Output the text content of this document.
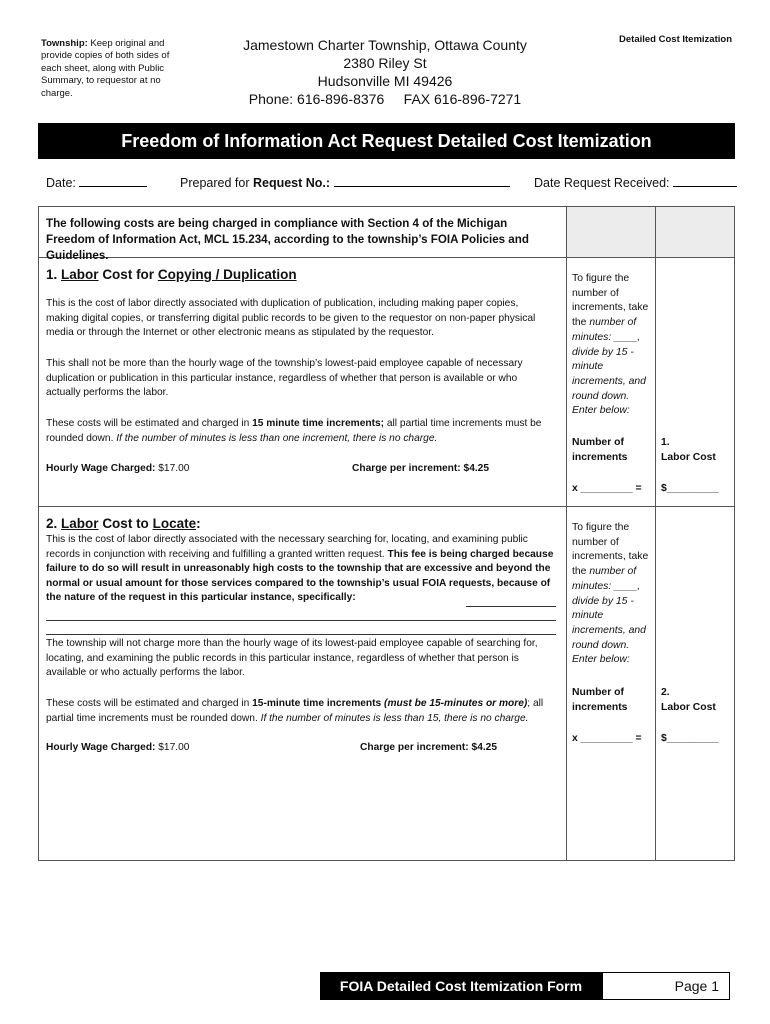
Township: Keep original and provide copies of both sides of each sheet, along with Public Summary, to requestor at no charge.
Jamestown Charter Township, Ottawa County
2380 Riley St
Hudsonville MI 49426
Phone: 616-896-8376     FAX 616-896-7271
Detailed Cost Itemization
Freedom of Information Act Request Detailed Cost Itemization
Date:	Prepared for Request No.:	Date Request Received:
The following costs are being charged in compliance with Section 4 of the Michigan Freedom of Information Act, MCL 15.234, according to the township’s FOIA Policies and Guidelines.
1. Labor Cost for Copying / Duplication
This is the cost of labor directly associated with duplication of publication, including making paper copies, making digital copies, or transferring digital public records to be given to the requestor on non-paper physical media or through the Internet or other electronic means as stipulated by the requestor.
This shall not be more than the hourly wage of the township’s lowest-paid employee capable of necessary duplication or publication in this particular instance, regardless of whether that person is available or who actually performs the labor.
These costs will be estimated and charged in 15 minute time increments; all partial time increments must be rounded down. If the number of minutes is less than one increment, there is no charge.
Hourly Wage Charged: $17.00	Charge per increment: $4.25
To figure the number of increments, take the number of minutes: ____, divide by 15 -minute increments, and round down. Enter below:
Number of increments
1.
Labor Cost
x _________ = $_________
2. Labor Cost to Locate:
This is the cost of labor directly associated with the necessary searching for, locating, and examining public records in conjunction with receiving and fulfilling a granted written request. This fee is being charged because failure to do so will result in unreasonably high costs to the township that are excessive and beyond the normal or usual amount for those services compared to the township’s usual FOIA requests, because of the nature of the request in this particular instance, specifically:
The township will not charge more than the hourly wage of its lowest-paid employee capable of searching for, locating, and examining the public records in this particular instance, regardless of whether that person is available or who actually performs the labor.
These costs will be estimated and charged in 15-minute time increments (must be 15-minutes or more); all partial time increments must be rounded down. If the number of minutes is less than 15, there is no charge.
Hourly Wage Charged: $17.00	Charge per increment: $4.25
To figure the number of increments, take the number of minutes: ____, divide by 15 -minute increments, and round down. Enter below:
Number of increments
2.
Labor Cost
x _________ = $_________
FOIA Detailed Cost Itemization Form	Page 1
